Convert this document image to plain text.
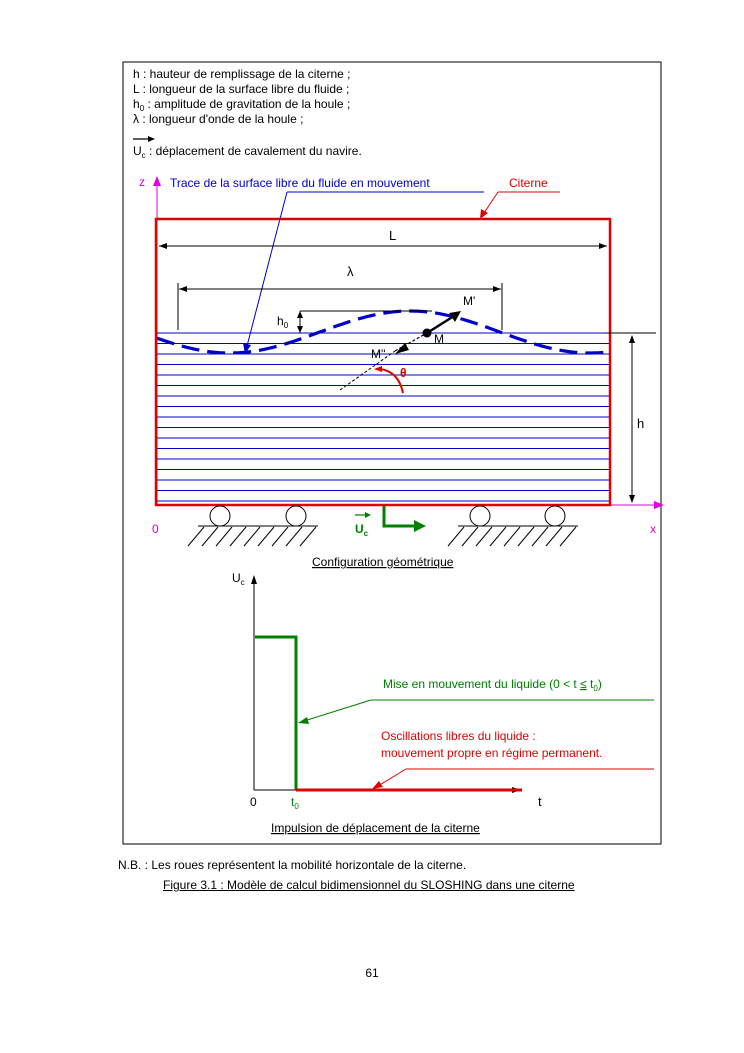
h : hauteur de remplissage de la citerne ;
L : longueur de la surface libre du fluide ;
$h_0$ : amplitude de gravitation de la houle ;
λ : longueur d'onde de la houle ;
$U_c$ : déplacement de cavalement du navire.
z
x
0
Trace de la surface libre du fluide en mouvement	Citerne
L
λ
$h_0$
h
M
M'
M''
θ
$U_c$
Configuration géométrique
$U_c$
t
0	$t_0$
Mise en mouvement du liquide $(0 < t \le t_0)$
Oscillations libres du liquide :
mouvement propre en régime permanent.
Impulsion de déplacement de la citerne
N.B. : Les roues représentent la mobilité horizontale de la citerne.
Figure 3.1 : Modèle de calcul bidimensionnel du SLOSHING dans une citerne
61
